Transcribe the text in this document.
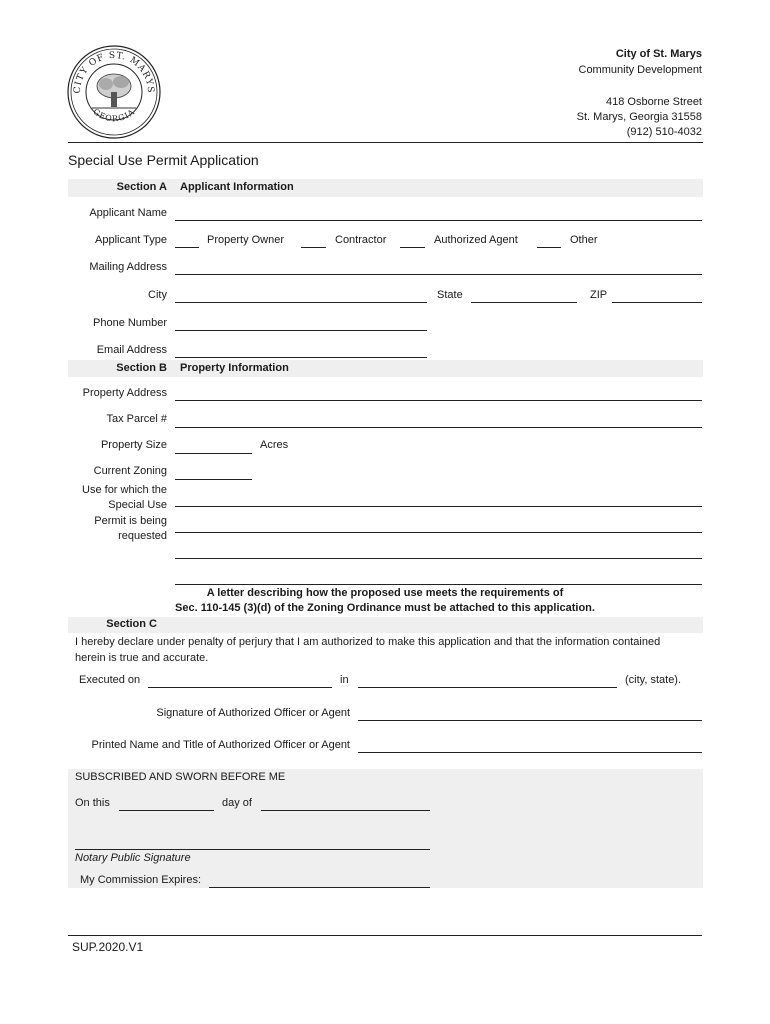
CITY OF ST. MARYS
GEORGIA
City of St. Marys
Community Development
418 Osborne Street
St. Marys, Georgia 31558
(912) 510-4032
Special Use Permit Application
Section A Applicant Information
Applicant Name
Applicant Type	Property Owner	Contractor	Authorized Agent	Other
Mailing Address
City	State	ZIP
Phone Number
Email Address
Section B Property Information
Property Address
Tax Parcel #
Property Size	Acres
Current Zoning
Use for which the
Special Use
Permit is being
requested
A letter describing how the proposed use meets the requirements of
Sec. 110-145 (3)(d) of the Zoning Ordinance must be attached to this application.
Section C
I hereby declare under penalty of perjury that I am authorized to make this application and that the information contained
herein is true and accurate.
Executed on	in	(city, state).
Signature of Authorized Officer or Agent
Printed Name and Title of Authorized Officer or Agent
SUBSCRIBED AND SWORN BEFORE ME
On this	day of
Notary Public Signature
My Commission Expires:
SUP.2020.V1
